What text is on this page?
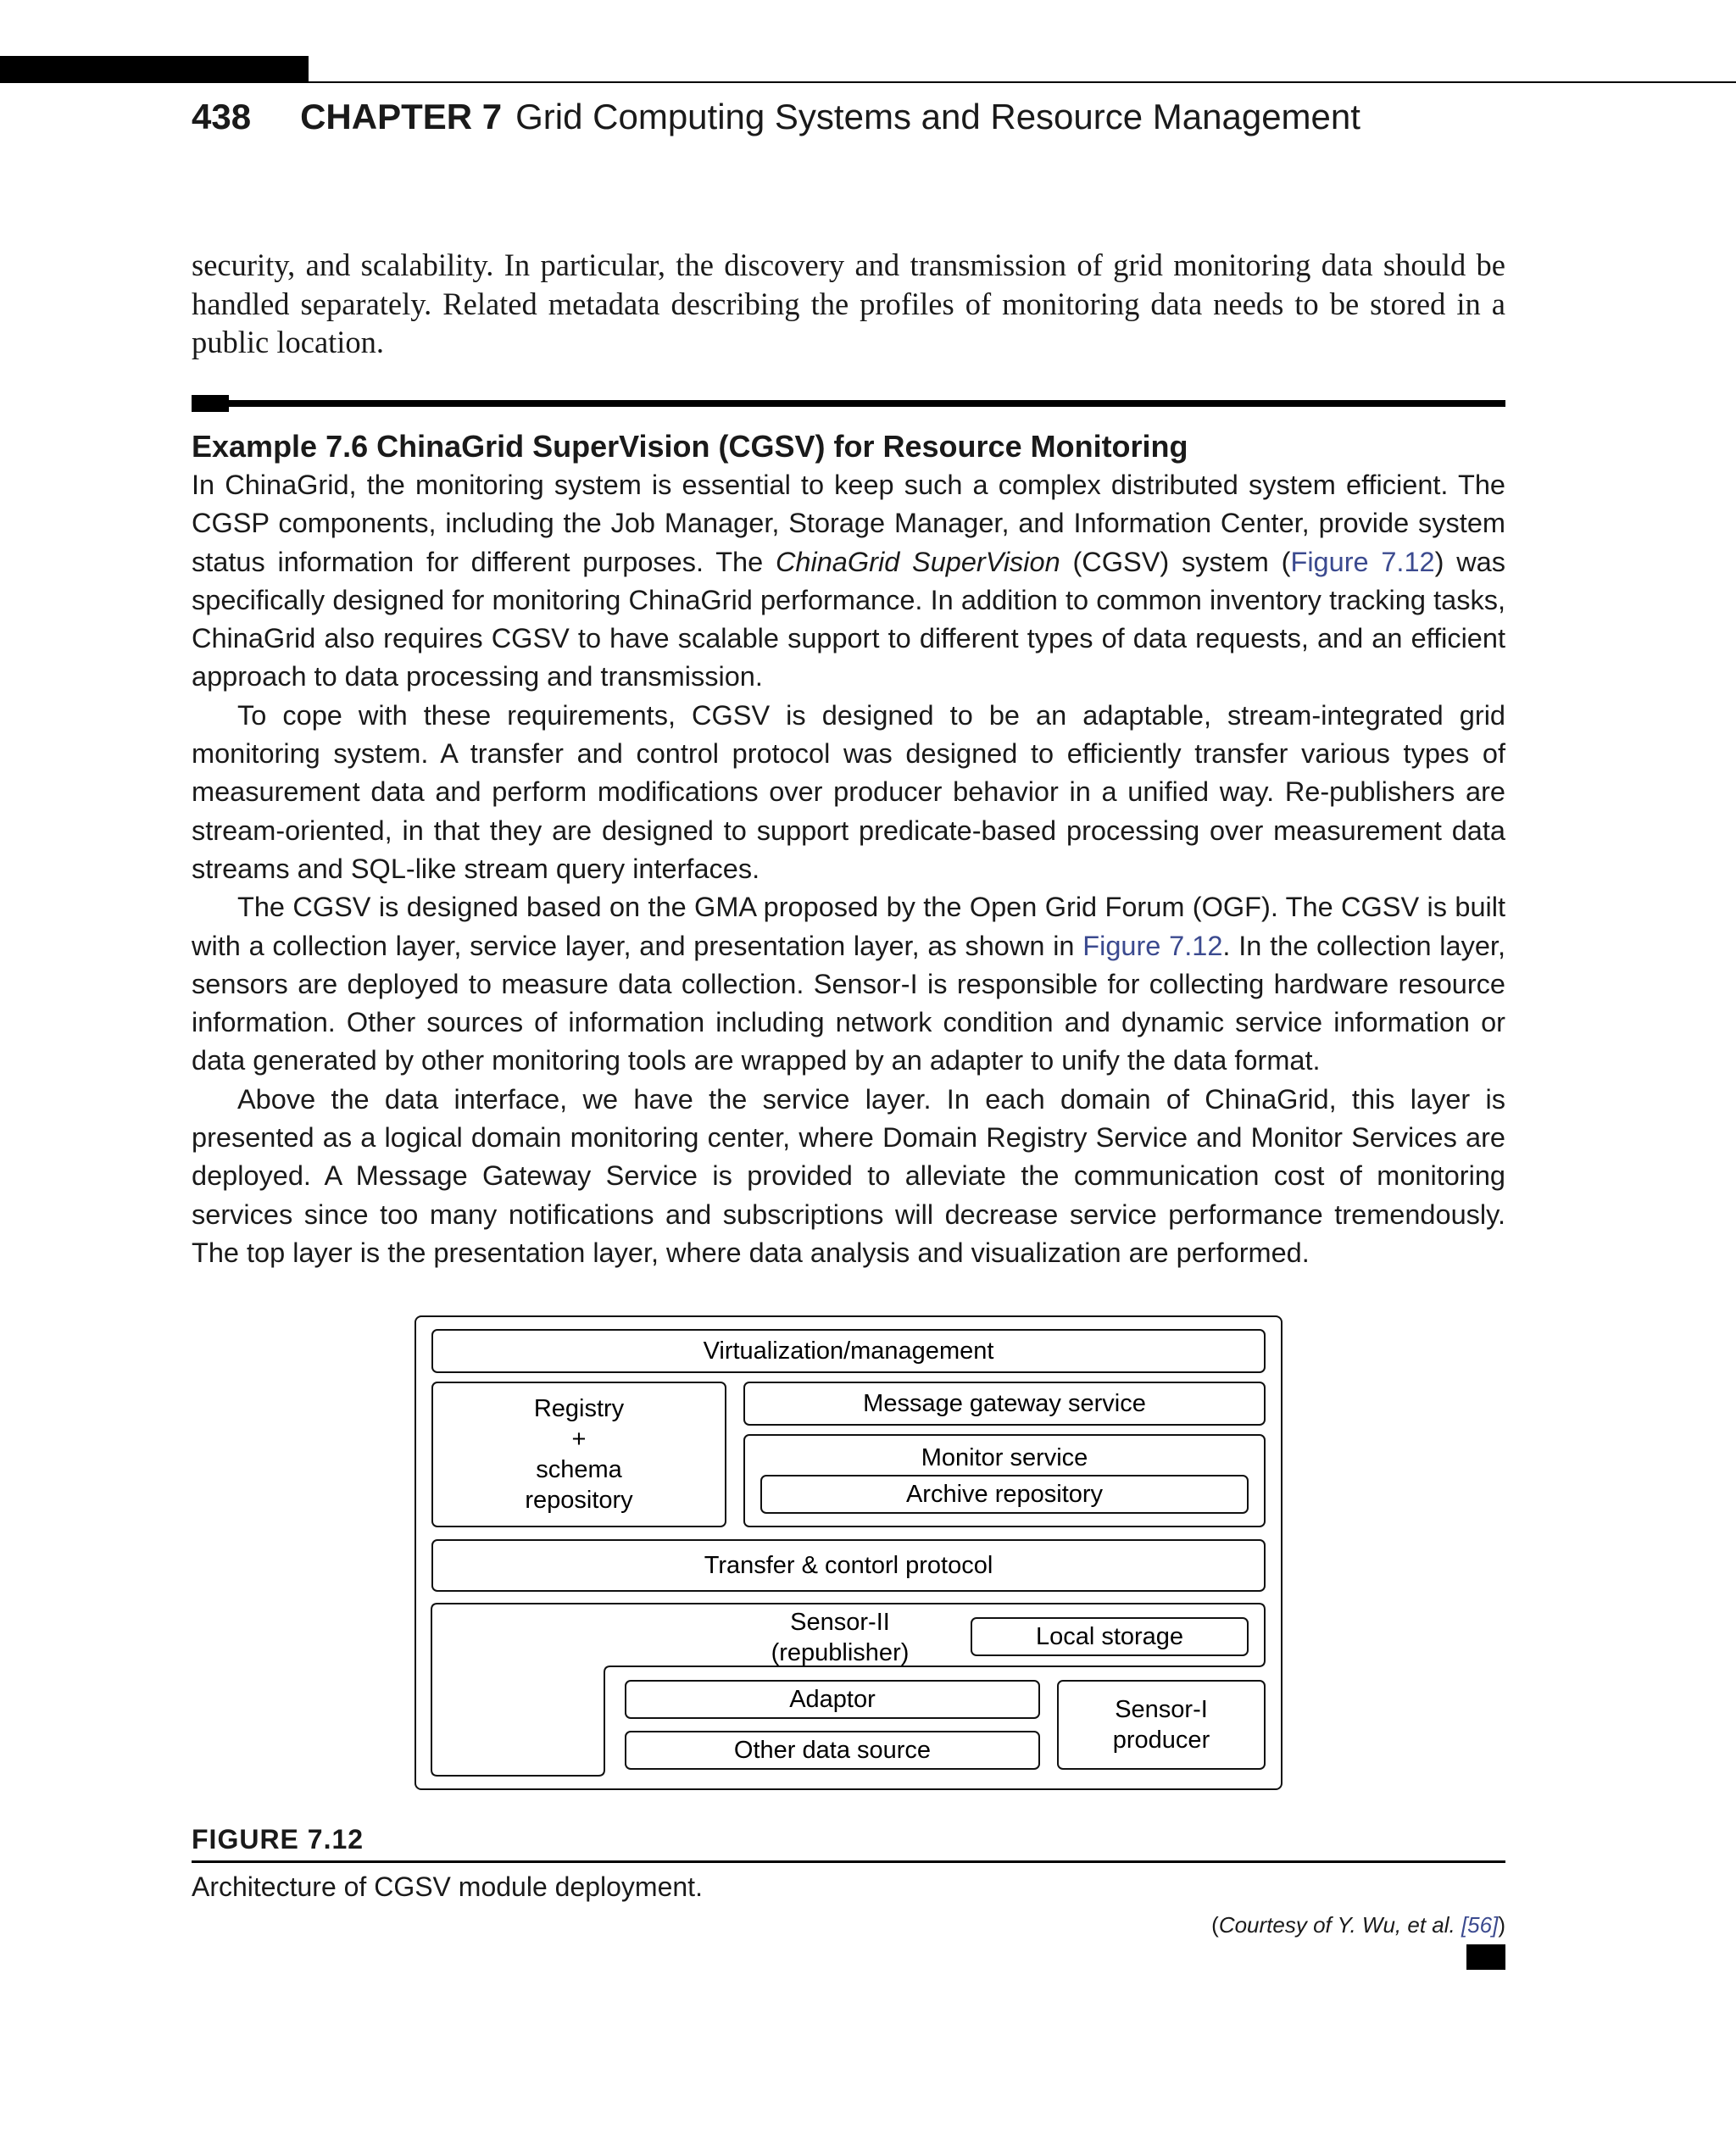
438 CHAPTER 7 Grid Computing Systems and Resource Management

security, and scalability. In particular, the discovery and transmission of grid monitoring data should be handled separately. Related metadata describing the profiles of monitoring data needs to be stored in a public location.

Example 7.6 ChinaGrid SuperVision (CGSV) for Resource Monitoring

In ChinaGrid, the monitoring system is essential to keep such a complex distributed system efficient. The CGSP components, including the Job Manager, Storage Manager, and Information Center, provide system status information for different purposes. The ChinaGrid SuperVision (CGSV) system (Figure 7.12) was specifically designed for monitoring ChinaGrid performance. In addition to common inventory tracking tasks, ChinaGrid also requires CGSV to have scalable support to different types of data requests, and an efficient approach to data processing and transmission.

To cope with these requirements, CGSV is designed to be an adaptable, stream-integrated grid monitoring system. A transfer and control protocol was designed to efficiently transfer various types of measurement data and perform modifications over producer behavior in a unified way. Re-publishers are stream-oriented, in that they are designed to support predicate-based processing over measurement data streams and SQL-like stream query interfaces.

The CGSV is designed based on the GMA proposed by the Open Grid Forum (OGF). The CGSV is built with a collection layer, service layer, and presentation layer, as shown in Figure 7.12. In the collection layer, sensors are deployed to measure data collection. Sensor-I is responsible for collecting hardware resource information. Other sources of information including network condition and dynamic service information or data generated by other monitoring tools are wrapped by an adapter to unify the data format.

Above the data interface, we have the service layer. In each domain of ChinaGrid, this layer is presented as a logical domain monitoring center, where Domain Registry Service and Monitor Services are deployed. A Message Gateway Service is provided to alleviate the communication cost of monitoring services since too many notifications and subscriptions will decrease service performance tremendously. The top layer is the presentation layer, where data analysis and visualization are performed.

Virtualization/management
Registry
+
schema
repository
Message gateway service
Monitor service
Archive repository
Transfer & contorl protocol
Sensor-II
(republisher)
Local storage
Adaptor
Other data source
Sensor-I
producer
FIGURE 7.12
Architecture of CGSV module deployment.
(Courtesy of Y. Wu, et al. [56])
